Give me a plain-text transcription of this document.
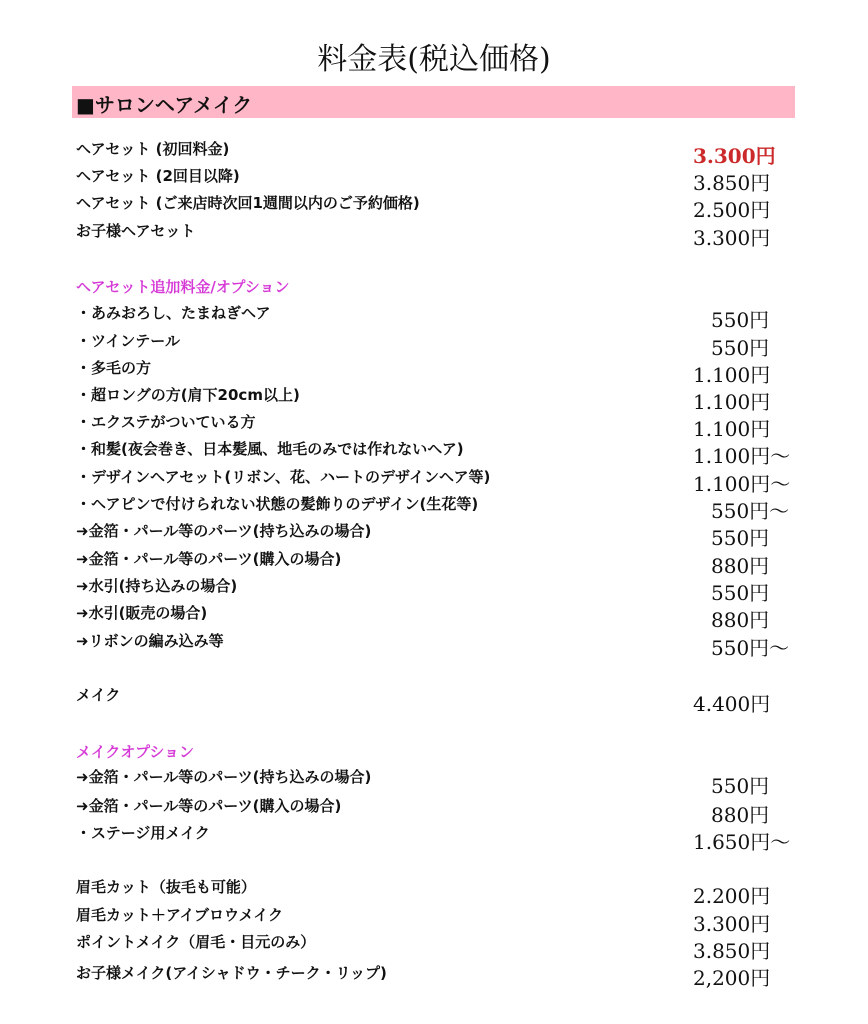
料金表(税込価格)
■サロンヘアメイク
ヘアセット (初回料金)	3.300円
ヘアセット (2回目以降)	3.850円
ヘアセット (ご来店時次回1週間以内のご予約価格)	2.500円
お子様ヘアセット	3.300円
ヘアセット追加料金/オプション
・あみおろし、たまねぎヘア	550円
・ツインテール	550円
・多毛の方	1.100円
・超ロングの方(肩下20cm以上)	1.100円
・エクステがついている方	1.100円
・和髪(夜会巻き、日本髪風、地毛のみでは作れないヘア)	1.100円～
・デザインヘアセット(リボン、花、ハートのデザインヘア等)	1.100円～
・ヘアピンで付けられない状態の髪飾りのデザイン(生花等)	550円～
➜金箔・パール等のパーツ(持ち込みの場合)	550円
➜金箔・パール等のパーツ(購入の場合)	880円
➜水引(持ち込みの場合)	550円
➜水引(販売の場合)	880円
➜リボンの編み込み等	550円～
メイク	4.400円
メイクオプション
➜金箔・パール等のパーツ(持ち込みの場合)	550円
➜金箔・パール等のパーツ(購入の場合)	880円
・ステージ用メイク	1.650円～
眉毛カット（抜毛も可能）	2.200円
眉毛カット＋アイブロウメイク	3.300円
ポイントメイク（眉毛・目元のみ）	3.850円
お子様メイク(アイシャドウ・チーク・リップ)	2,200円
